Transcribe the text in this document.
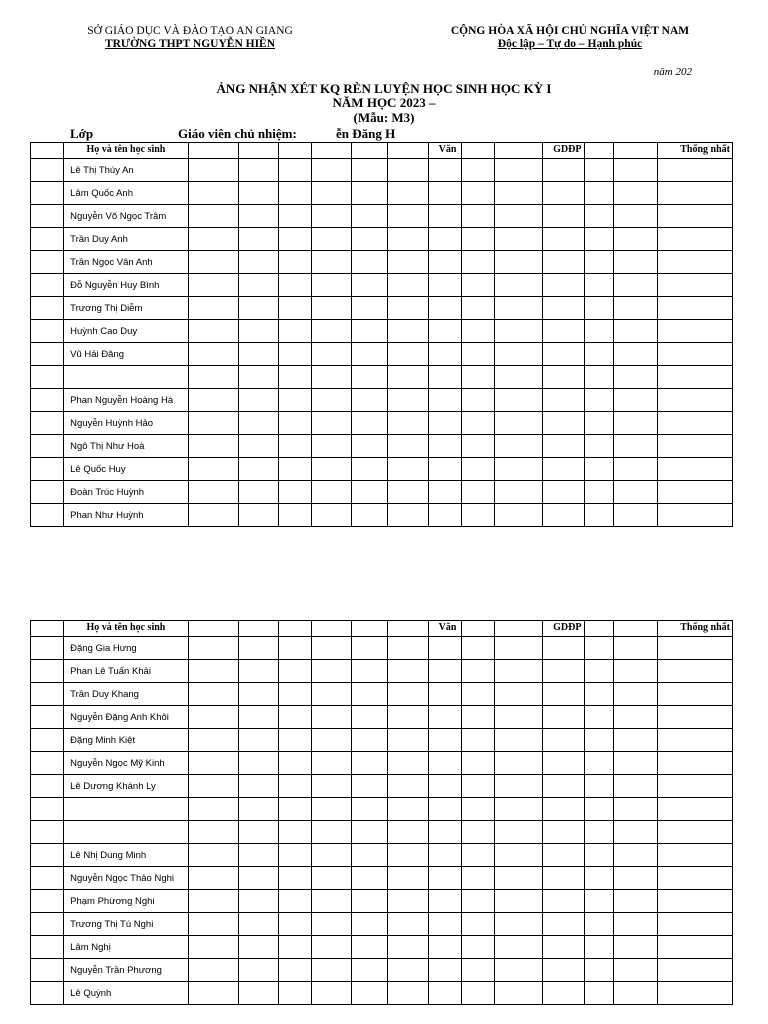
SỞ GIÁO DỤC VÀ ĐÀO TẠO AN GIANG
TRƯỜNG THPT NGUYỄN HIỀN
CỘNG HÒA XÃ HỘI CHỦ NGHĨA VIỆT NAM
Độc lập – Tự do – Hạnh phúc
năm 202
ẢNG NHẬN XÉT KQ RÈN LUYỆN HỌC SINH HỌC KỲ I
NĂM HỌC 2023 –
(Mẫu: M3)
Lớp	Giáo viên chủ nhiệm:	ễn Đăng H
	Họ và tên học sinh							Văn			GDĐP			Thống nhất
	Lê Thị Thúy An													
	Lâm Quốc Anh													
	Nguyễn Võ Ngọc Trâm													
	Trần Duy Anh													
	Trần Ngọc Vân Anh													
	Đỗ Nguyễn Huy Bình													
	Trương Thị Diễm													
	Huỳnh Cao Duy													
	Vũ Hải Đăng													

	Phan Nguyễn Hoàng Hà													
	Nguyễn Huỳnh Hảo													
	Ngô Thị Như Hoà													
	Lê Quốc Huy													
	Đoàn Trúc Huỳnh													
	Phan Như Huỳnh													
	Họ và tên học sinh							Văn			GDĐP			Thống nhất
	Đặng Gia Hưng													
	Phan Lê Tuấn Khải													
	Trần Duy Khang													
	Nguyễn Đặng Anh Khôi													
	Đặng Minh Kiệt													
	Nguyễn Ngọc Mỹ Kinh													
	Lê Dương Khánh Ly													

	Lê Nhị Dung Minh													
	Nguyễn Ngọc Thảo Nghi													
	Phạm Phương Nghi													
	Trương Thị Tú Nghi													
	Lâm Nghị													
	Nguyễn Trần Phương													
	Lê Quỳnh													
